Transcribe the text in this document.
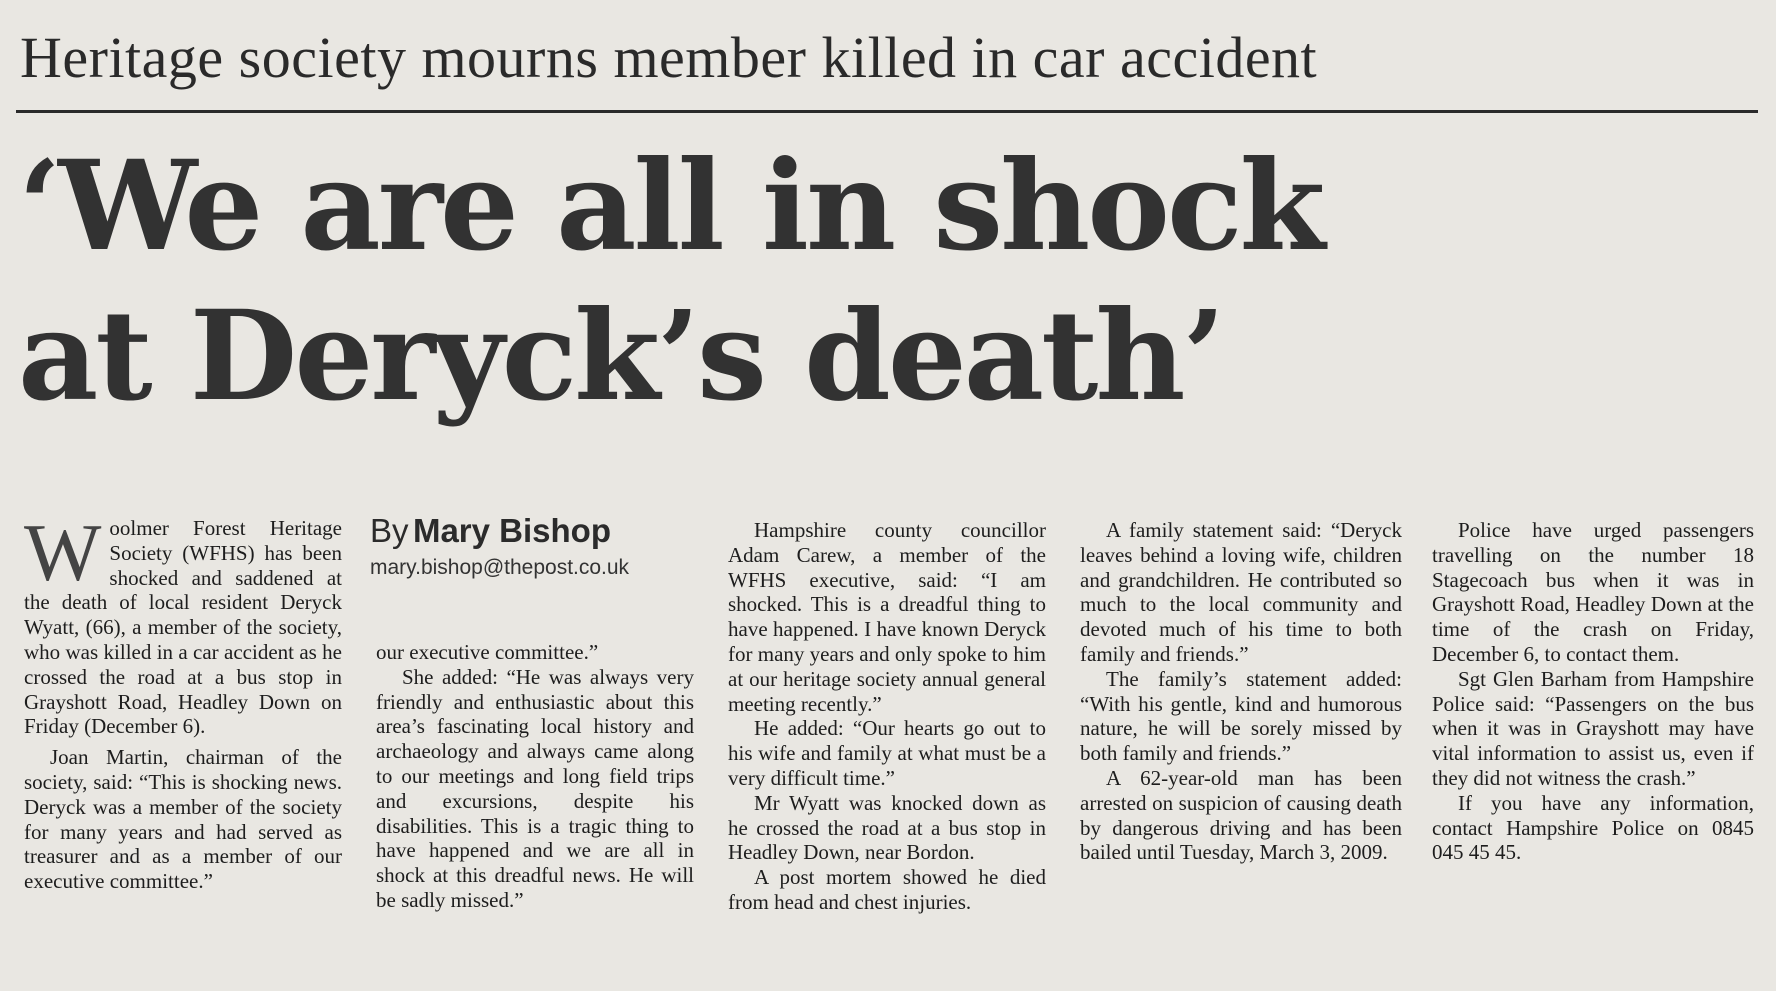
Heritage society mourns member killed in car accident
‘We are all in shock
at Deryck’s death’

Woolmer Forest Heritage Society (WFHS) has been shocked and saddened at the death of local resident Deryck Wyatt, (66), a member of the society, who was killed in a car accident as he crossed the road at a bus stop in Grayshott Road, Headley Down on Friday (December 6).

Joan Martin, chairman of the society, said: “This is shocking news. Deryck was a member of the society for many years and had served as treasurer and as a member of our executive committee.”

By Mary Bishop
mary.bishop@thepost.co.uk

our executive committee.”

She added: “He was always very friendly and enthusiastic about this area’s fascinating local history and archaeology and always came along to our meetings and long field trips and excursions, despite his disabilities. This is a tragic thing to have happened and we are all in shock at this dreadful news. He will be sadly missed.”

Hampshire county councillor Adam Carew, a member of the WFHS executive, said: “I am shocked. This is a dreadful thing to have happened. I have known Deryck for many years and only spoke to him at our heritage society annual general meeting recently.”

He added: “Our hearts go out to his wife and family at what must be a very difficult time.”

Mr Wyatt was knocked down as he crossed the road at a bus stop in Headley Down, near Bordon.

A post mortem showed he died from head and chest injuries.

A family statement said: “Deryck leaves behind a loving wife, children and grandchildren. He contributed so much to the local community and devoted much of his time to both family and friends.”

The family’s statement added: “With his gentle, kind and humorous nature, he will be sorely missed by both family and friends.”

A 62-year-old man has been arrested on suspicion of causing death by dangerous driving and has been bailed until Tuesday, March 3, 2009.

Police have urged passengers travelling on the number 18 Stagecoach bus when it was in Grayshott Road, Headley Down at the time of the crash on Friday, December 6, to contact them.

Sgt Glen Barham from Hampshire Police said: “Passengers on the bus when it was in Grayshott may have vital information to assist us, even if they did not witness the crash.”

If you have any information, contact Hampshire Police on 0845 045 45 45.
